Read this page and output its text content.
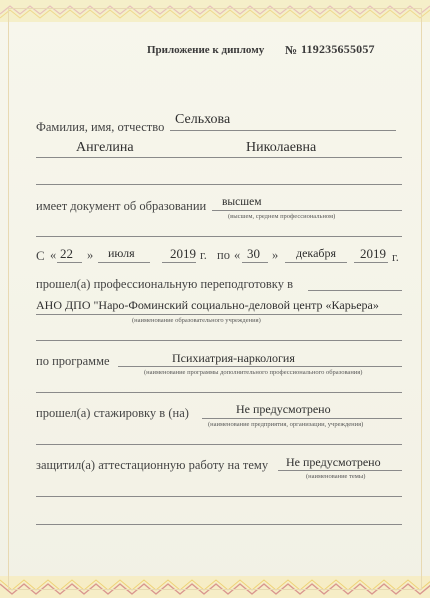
Приложение к диплому № 119235655057
Фамилия, имя, отчество Сельхова
Ангелина	Николаевна
имеет документ об образовании высшем
(высшем, среднем профессиональном)
С « 22 » июля	2019 г. по « 30 » декабря 2019 г.
прошел(а) профессиональную переподготовку в
АНО ДПО "Наро-Фоминский социально-деловой центр «Карьера»
(наименование образовательного учреждения)
по программе	Психиатрия-наркология
(наименование программы дополнительного профессионального образования)
прошел(а) стажировку в (на)	Не предусмотрено
(наименование предприятия, организации, учреждения)
защитил(а) аттестационную работу на тему Не предусмотрено
(наименование темы)
